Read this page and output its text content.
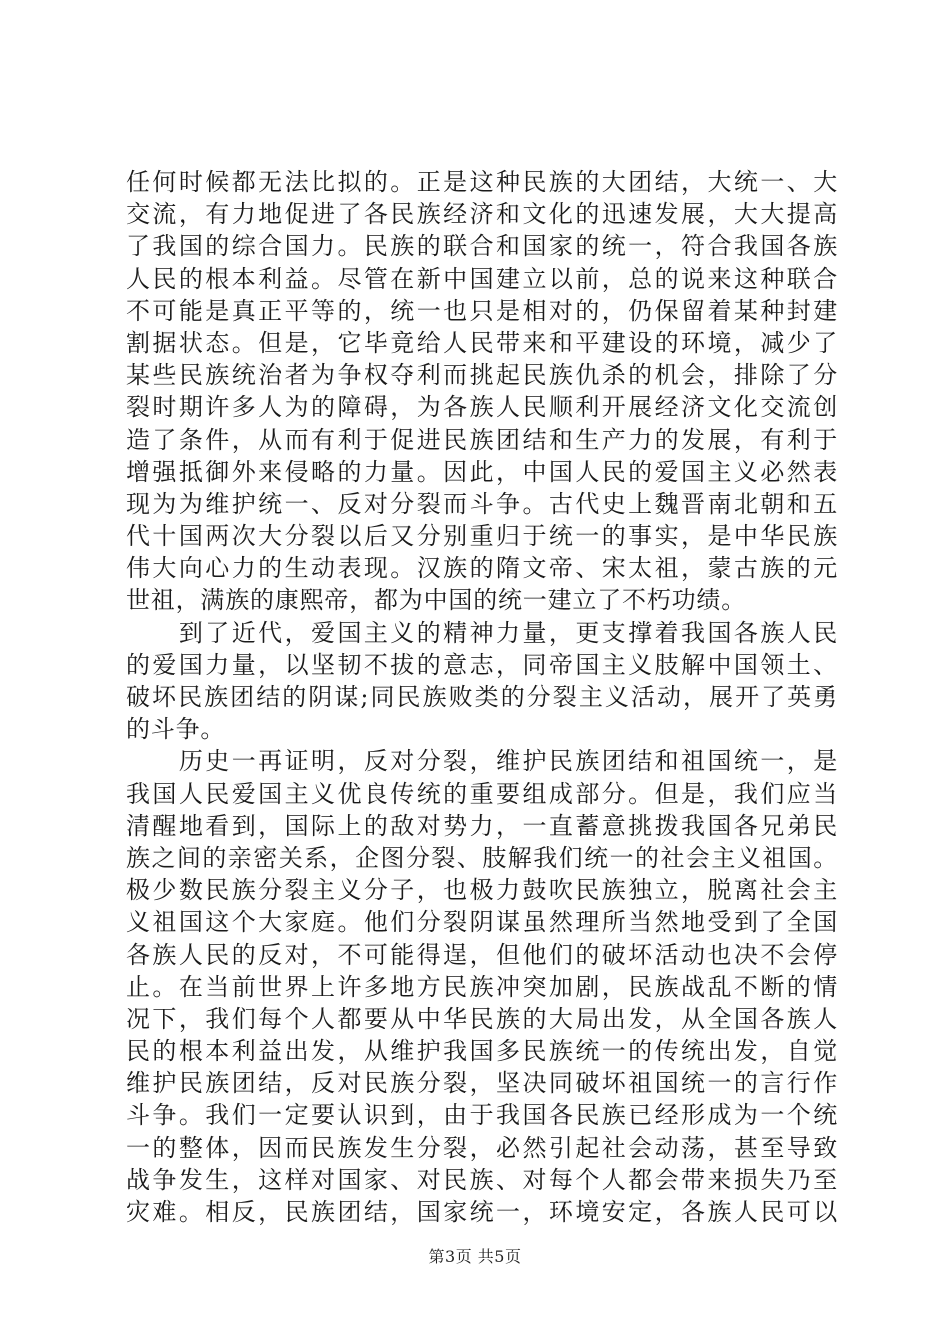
任何时候都无法比拟的。正是这种民族的大团结，大统一、大
交流，有力地促进了各民族经济和文化的迅速发展，大大提高
了我国的综合国力。民族的联合和国家的统一，符合我国各族
人民的根本利益。尽管在新中国建立以前，总的说来这种联合
不可能是真正平等的，统一也只是相对的，仍保留着某种封建
割据状态。但是，它毕竟给人民带来和平建设的环境，减少了
某些民族统治者为争权夺利而挑起民族仇杀的机会，排除了分
裂时期许多人为的障碍，为各族人民顺利开展经济文化交流创
造了条件，从而有利于促进民族团结和生产力的发展，有利于
增强抵御外来侵略的力量。因此，中国人民的爱国主义必然表
现为为维护统一、反对分裂而斗争。古代史上魏晋南北朝和五
代十国两次大分裂以后又分别重归于统一的事实，是中华民族
伟大向心力的生动表现。汉族的隋文帝、宋太祖，蒙古族的元
世祖，满族的康熙帝，都为中国的统一建立了不朽功绩。
　　到了近代，爱国主义的精神力量，更支撑着我国各族人民
的爱国力量，以坚韧不拔的意志，同帝国主义肢解中国领土、
破坏民族团结的阴谋;同民族败类的分裂主义活动，展开了英勇
的斗争。
　　历史一再证明，反对分裂，维护民族团结和祖国统一，是
我国人民爱国主义优良传统的重要组成部分。但是，我们应当
清醒地看到，国际上的敌对势力，一直蓄意挑拨我国各兄弟民
族之间的亲密关系，企图分裂、肢解我们统一的社会主义祖国。
极少数民族分裂主义分子，也极力鼓吹民族独立，脱离社会主
义祖国这个大家庭。他们分裂阴谋虽然理所当然地受到了全国
各族人民的反对，不可能得逞，但他们的破坏活动也决不会停
止。在当前世界上许多地方民族冲突加剧，民族战乱不断的情
况下，我们每个人都要从中华民族的大局出发，从全国各族人
民的根本利益出发，从维护我国多民族统一的传统出发，自觉
维护民族团结，反对民族分裂，坚决同破坏祖国统一的言行作
斗争。我们一定要认识到，由于我国各民族已经形成为一个统
一的整体，因而民族发生分裂，必然引起社会动荡，甚至导致
战争发生，这样对国家、对民族、对每个人都会带来损失乃至
灾难。相反，民族团结，国家统一，环境安定，各族人民可以
第3页 共5页
